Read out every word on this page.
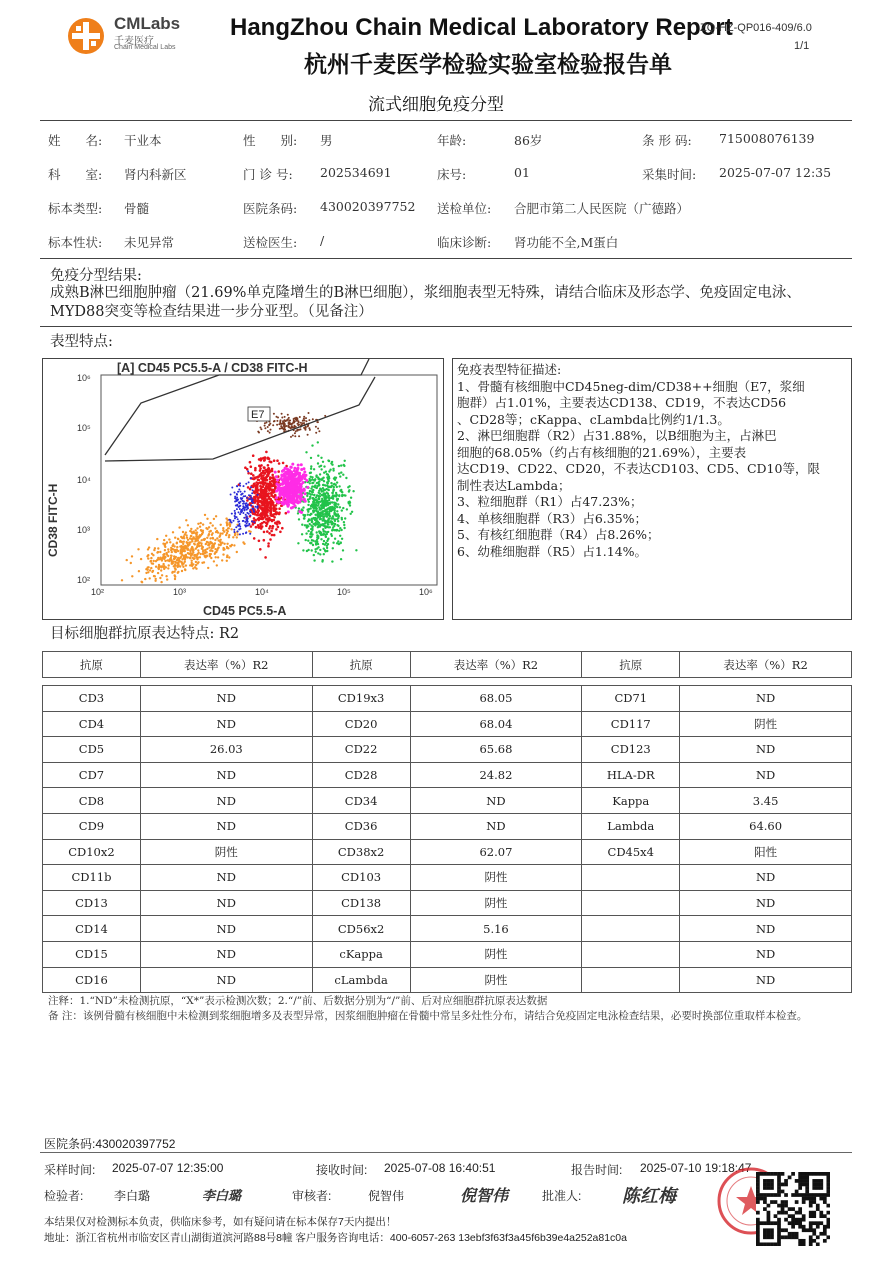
CMLabs
千麦医疗
Chain Medical Labs
HangZhou Chain Medical Laboratory Report
杭州千麦医学检验实验室检验报告单
ZQ-HZ-QP016-409/6.0
1/1
流式细胞免疫分型
姓　　名: 干业本	性　　别: 男	年龄:	86岁	条 形 码: 715008076139
科　　室: 肾内科新区	门 诊 号: 202534691	床号:	01	采集时间: 2025-07-07 12:35
标本类型: 骨髓	医院条码: 430020397752 送检单位: 合肥市第二人民医院（广德路）
标本性状: 未见异常	送检医生: /	临床诊断: 肾功能不全,M蛋白
免疫分型结果:
成熟B淋巴细胞肿瘤（21.69%单克隆增生的B淋巴细胞），浆细胞表型无特殊，请结合临床及形态学、免疫固定电泳、MYD88突变等检查结果进一步分亚型。（见备注）
表型特点:
[A] CD45 PC5.5-A / CD38 FITC-H
CD45 PC5.5-A
CD38 FITC-H
E7
10²	10³	10⁴	10⁵	10⁶
10⁶
10⁵
10⁴
10³
10²
免疫表型特征描述:
1、骨髓有核细胞中CD45neg-dim/CD38++细胞（E7，浆细
胞群）占1.01%，主要表达CD138、CD19，不表达CD56
、CD28等；cKappa、cLambda比例约1/1.3。
2、淋巴细胞群（R2）占31.88%，以B细胞为主，占淋巴
细胞的68.05%（约占有核细胞的21.69%），主要表
达CD19、CD22、CD20，不表达CD103、CD5、CD10等，限
制性表达Lambda；
3、粒细胞群（R1）占47.23%；
4、单核细胞群（R3）占6.35%；
5、有核红细胞群（R4）占8.26%；
6、幼稚细胞群（R5）占1.14%。
目标细胞群抗原表达特点: R2
抗原	表达率（%）R2	抗原	表达率（%）R2	抗原	表达率（%）R2
CD3	ND	CD19x3	68.05	CD71	ND
CD4	ND	CD20	68.04	CD117	阴性
CD5	26.03	CD22	65.68	CD123	ND
CD7	ND	CD28	24.82	HLA-DR	ND
CD8	ND	CD34	ND	Kappa	3.45
CD9	ND	CD36	ND	Lambda	64.60
CD10x2	阴性	CD38x2	62.07	CD45x4	阳性
CD11b	ND	CD103	阴性		ND
CD13	ND	CD138	阴性		ND
CD14	ND	CD56x2	5.16		ND
CD15	ND	cKappa	阴性		ND
CD16	ND	cLambda	阴性		ND
注释：1.“ND”未检测抗原，“X*”表示检测次数；2.“/”前、后数据分别为“/”前、后对应细胞群抗原表达数据
备 注：该例骨髓有核细胞中未检测到浆细胞增多及表型异常，因浆细胞肿瘤在骨髓中常呈多灶性分布，请结合免疫固定电泳检查结果，必要时换部位重取样本检查。
医院条码:430020397752
采样时间: 2025-07-07 12:35:00	接收时间: 2025-07-08 16:40:51	报告时间: 2025-07-10 19:18:47
检验者:	李白璐	李白璐	审核者:	倪智伟	倪智伟	批准人: 陈红梅
本结果仅对检测标本负责，供临床参考，如有疑问请在标本保存7天内提出！
地址：浙江省杭州市临安区青山湖街道滨河路88号8幢 客户服务咨询电话：400-6057-263 13ebf3f63f3a45f6b39e4a252a81c0a
